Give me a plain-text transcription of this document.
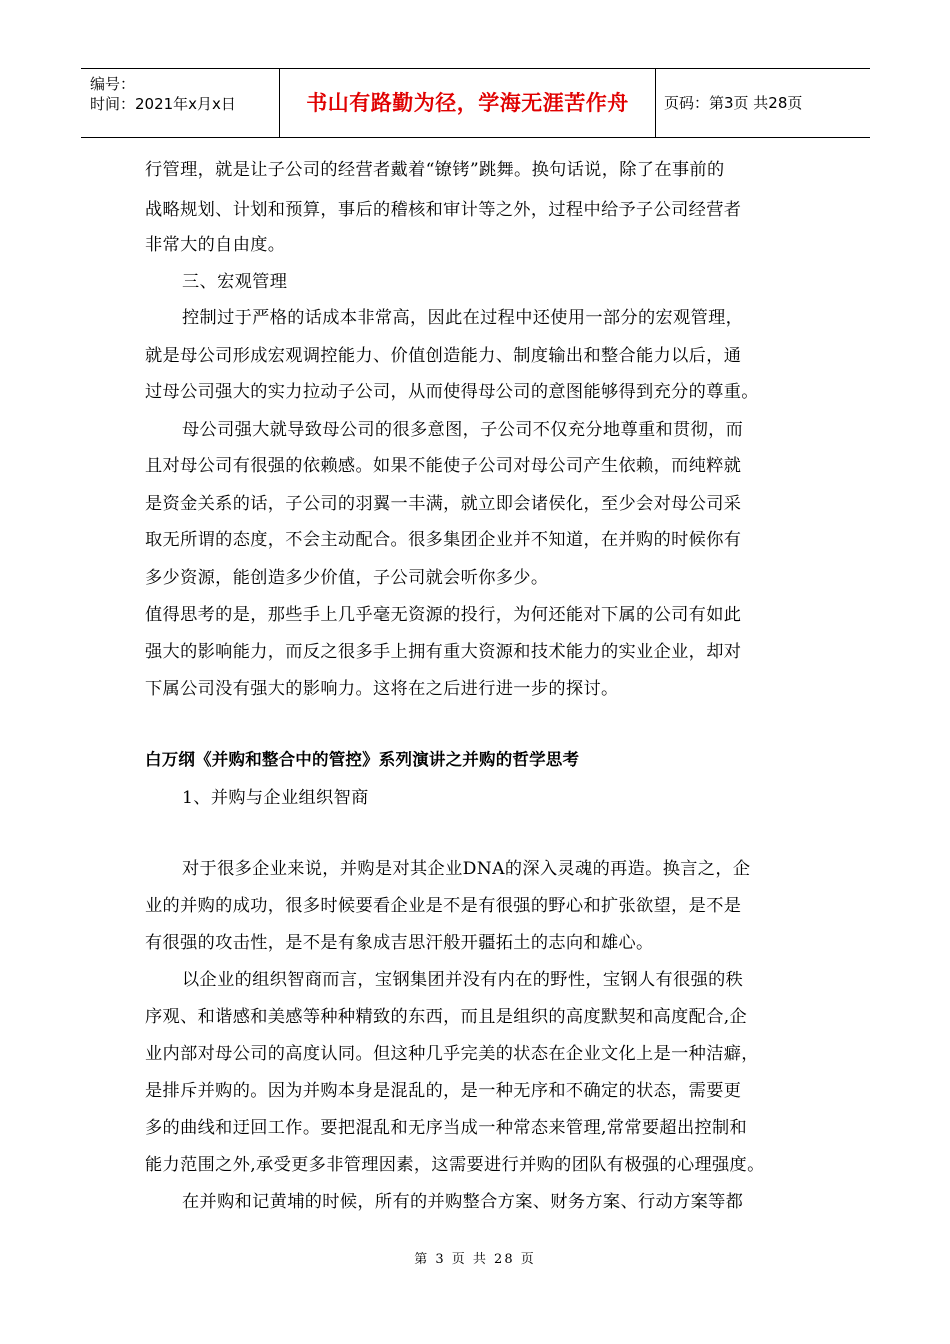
编号：
时间：2021年x月x日	书山有路勤为径，学海无涯苦作舟	页码：第3页 共28页
行管理，就是让子公司的经营者戴着“镣铐”跳舞。换句话说，除了在事前的
战略规划、计划和预算，事后的稽核和审计等之外，过程中给予子公司经营者
非常大的自由度。
三、宏观管理
控制过于严格的话成本非常高，因此在过程中还使用一部分的宏观管理，
就是母公司形成宏观调控能力、价值创造能力、制度输出和整合能力以后，通
过母公司强大的实力拉动子公司，从而使得母公司的意图能够得到充分的尊重。
母公司强大就导致母公司的很多意图，子公司不仅充分地尊重和贯彻，而
且对母公司有很强的依赖感。如果不能使子公司对母公司产生依赖，而纯粹就
是资金关系的话，子公司的羽翼一丰满，就立即会诸侯化，至少会对母公司采
取无所谓的态度，不会主动配合。很多集团企业并不知道，在并购的时候你有
多少资源，能创造多少价值，子公司就会听你多少。
值得思考的是，那些手上几乎毫无资源的投行，为何还能对下属的公司有如此
强大的影响能力，而反之很多手上拥有重大资源和技术能力的实业企业，却对
下属公司没有强大的影响力。这将在之后进行进一步的探讨。
白万纲《并购和整合中的管控》系列演讲之并购的哲学思考
1、并购与企业组织智商
对于很多企业来说，并购是对其企业DNA的深入灵魂的再造。换言之，企
业的并购的成功，很多时候要看企业是不是有很强的野心和扩张欲望，是不是
有很强的攻击性，是不是有象成吉思汗般开疆拓土的志向和雄心。
以企业的组织智商而言，宝钢集团并没有内在的野性，宝钢人有很强的秩
序观、和谐感和美感等种种精致的东西，而且是组织的高度默契和高度配合,企
业内部对母公司的高度认同。但这种几乎完美的状态在企业文化上是一种洁癖，
是排斥并购的。因为并购本身是混乱的，是一种无序和不确定的状态，需要更
多的曲线和迂回工作。要把混乱和无序当成一种常态来管理,常常要超出控制和
能力范围之外,承受更多非管理因素，这需要进行并购的团队有极强的心理强度。
在并购和记黄埔的时候，所有的并购整合方案、财务方案、行动方案等都
第 3 页 共 28 页
